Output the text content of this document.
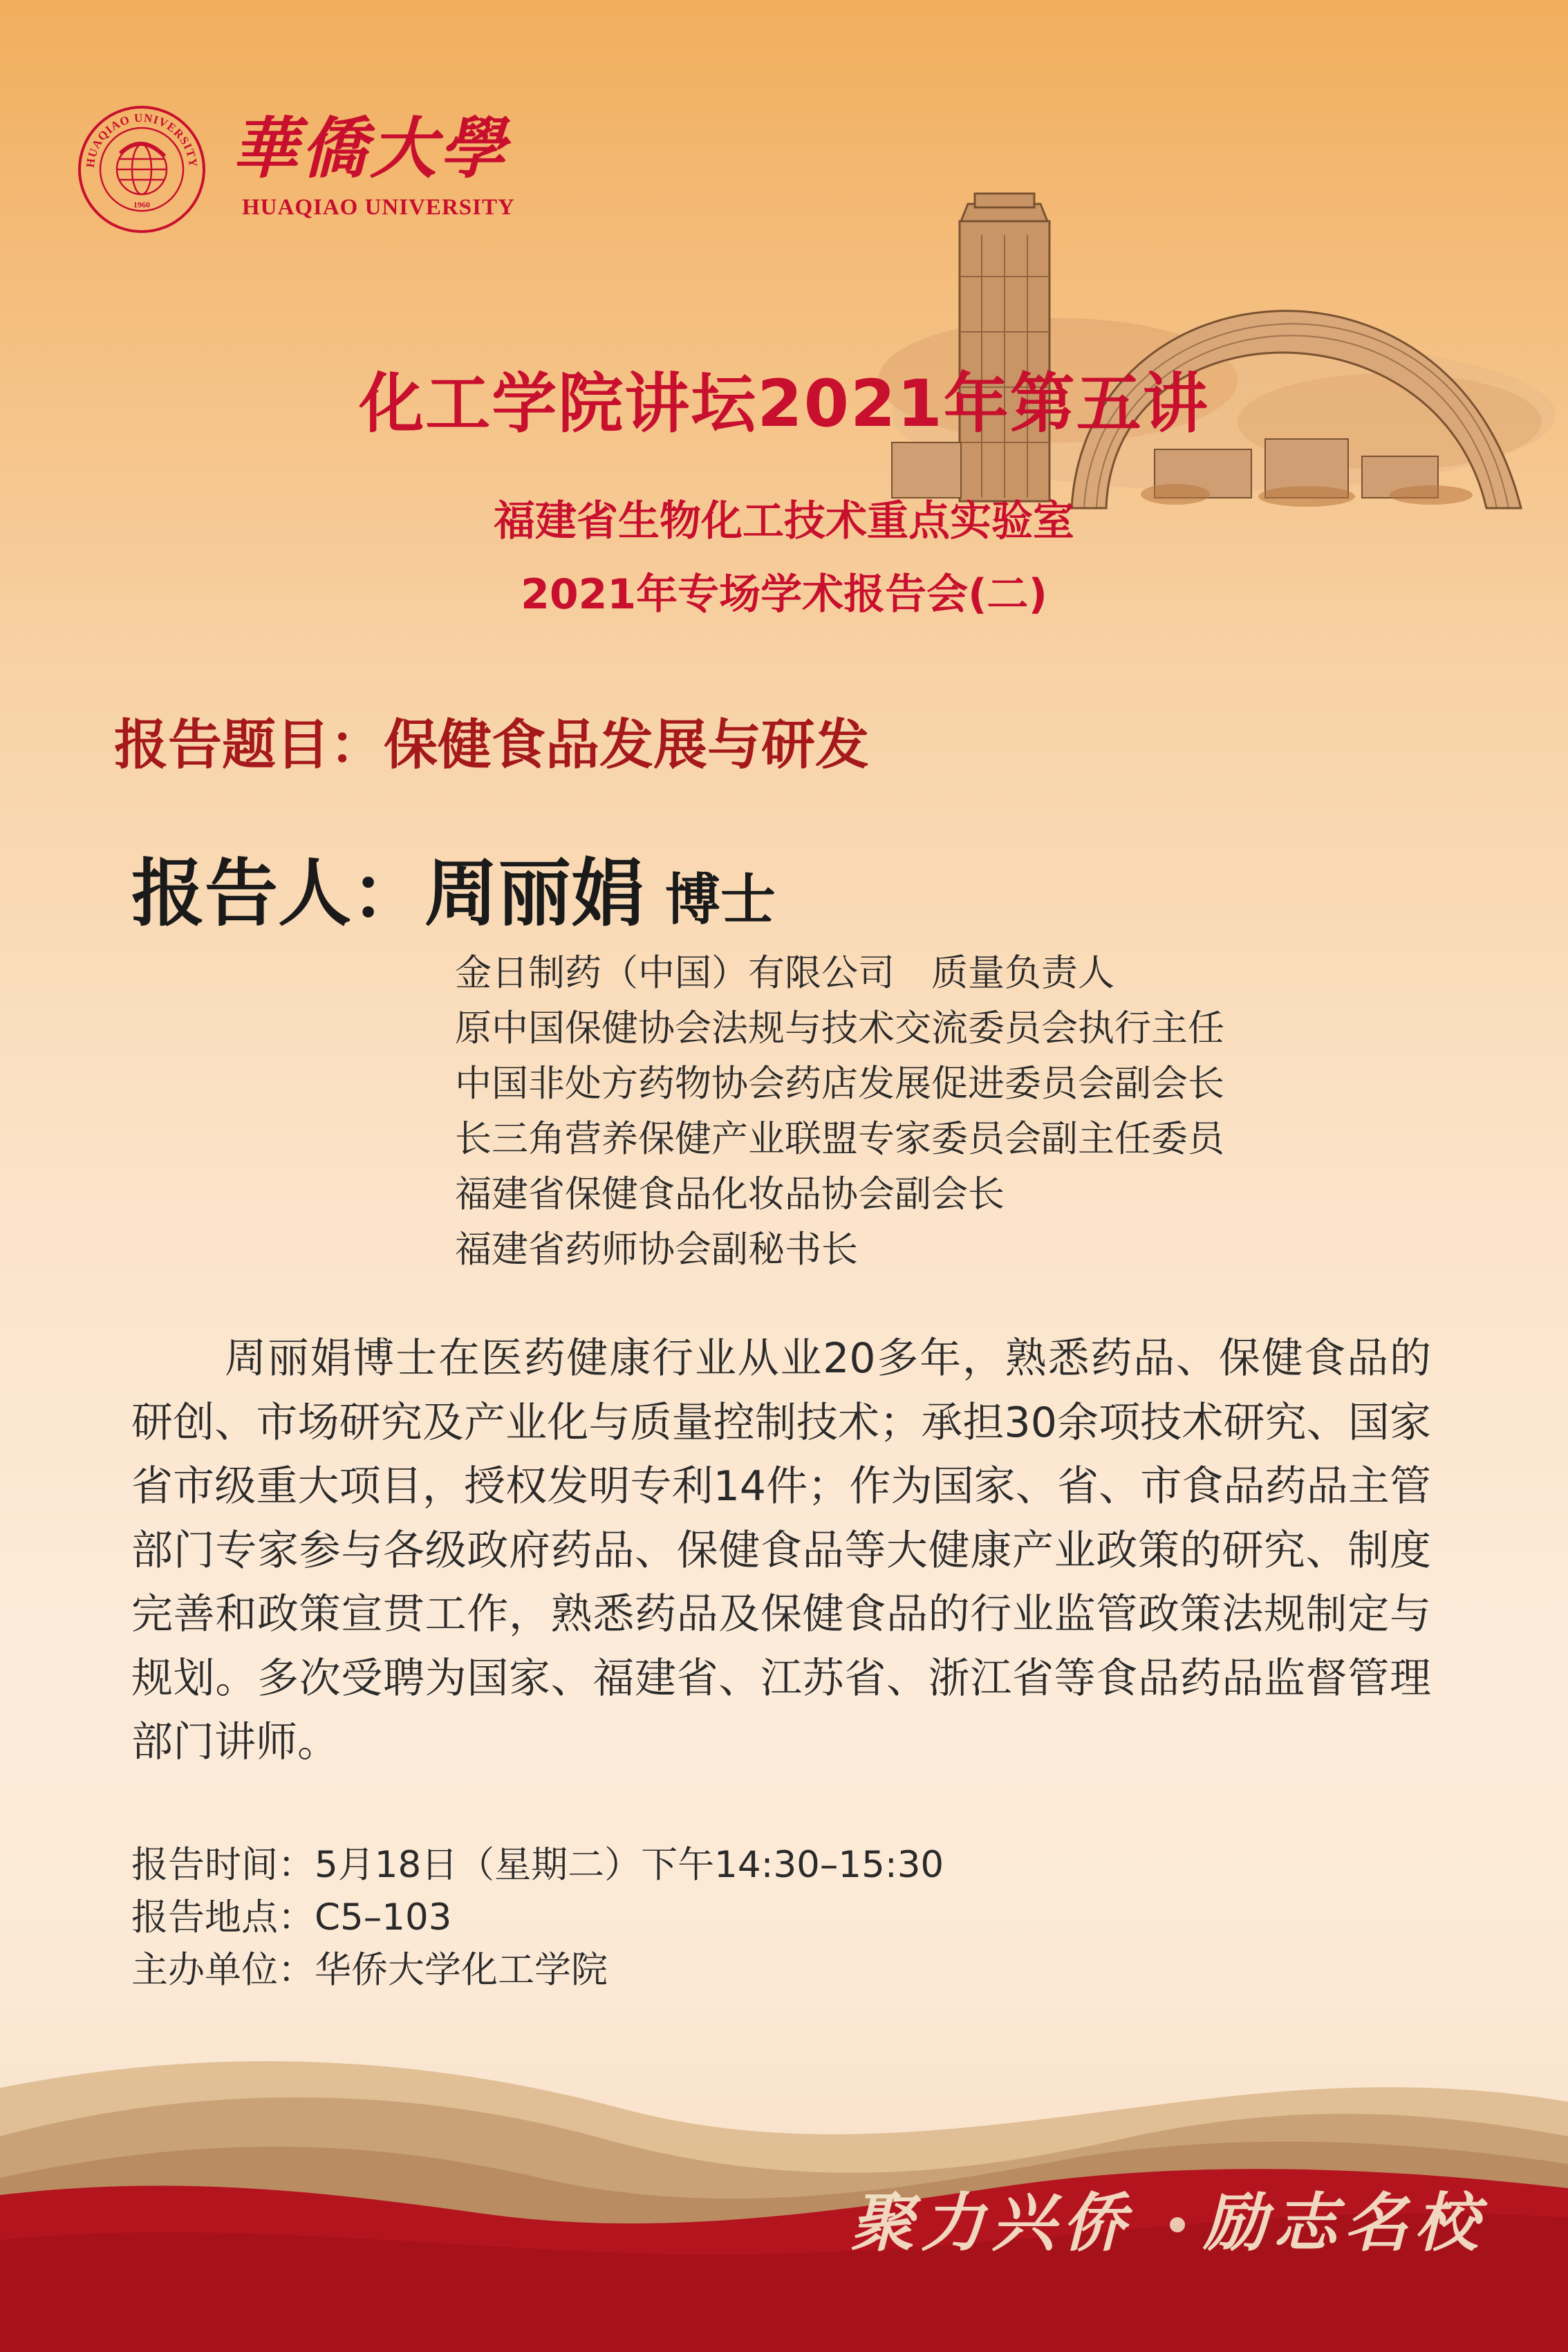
HUAQIAO UNIVERSITY
1960
華僑大學
HUAQIAO UNIVERSITY
化工学院讲坛2021年第五讲
福建省生物化工技术重点实验室
2021年专场学术报告会(二)
报告题目：保健食品发展与研发
报告人：周丽娟 博士
金日制药（中国）有限公司　质量负责人
原中国保健协会法规与技术交流委员会执行主任
中国非处方药物协会药店发展促进委员会副会长
长三角营养保健产业联盟专家委员会副主任委员
福建省保健食品化妆品协会副会长
福建省药师协会副秘书长

周丽娟博士在医药健康行业从业20多年，熟悉药品、保健食品的研创、市场研究及产业化与质量控制技术；承担30余项技术研究、国家省市级重大项目，授权发明专利14件；作为国家、省、市食品药品主管部门专家参与各级政府药品、保健食品等大健康产业政策的研究、制度完善和政策宣贯工作，熟悉药品及保健食品的行业监管政策法规制定与规划。多次受聘为国家、福建省、江苏省、浙江省等食品药品监督管理部门讲师。

报告时间：5月18日（星期二）下午14:30–15:30
报告地点：C5–103
主办单位：华侨大学化工学院
聚力兴侨 励志名校
